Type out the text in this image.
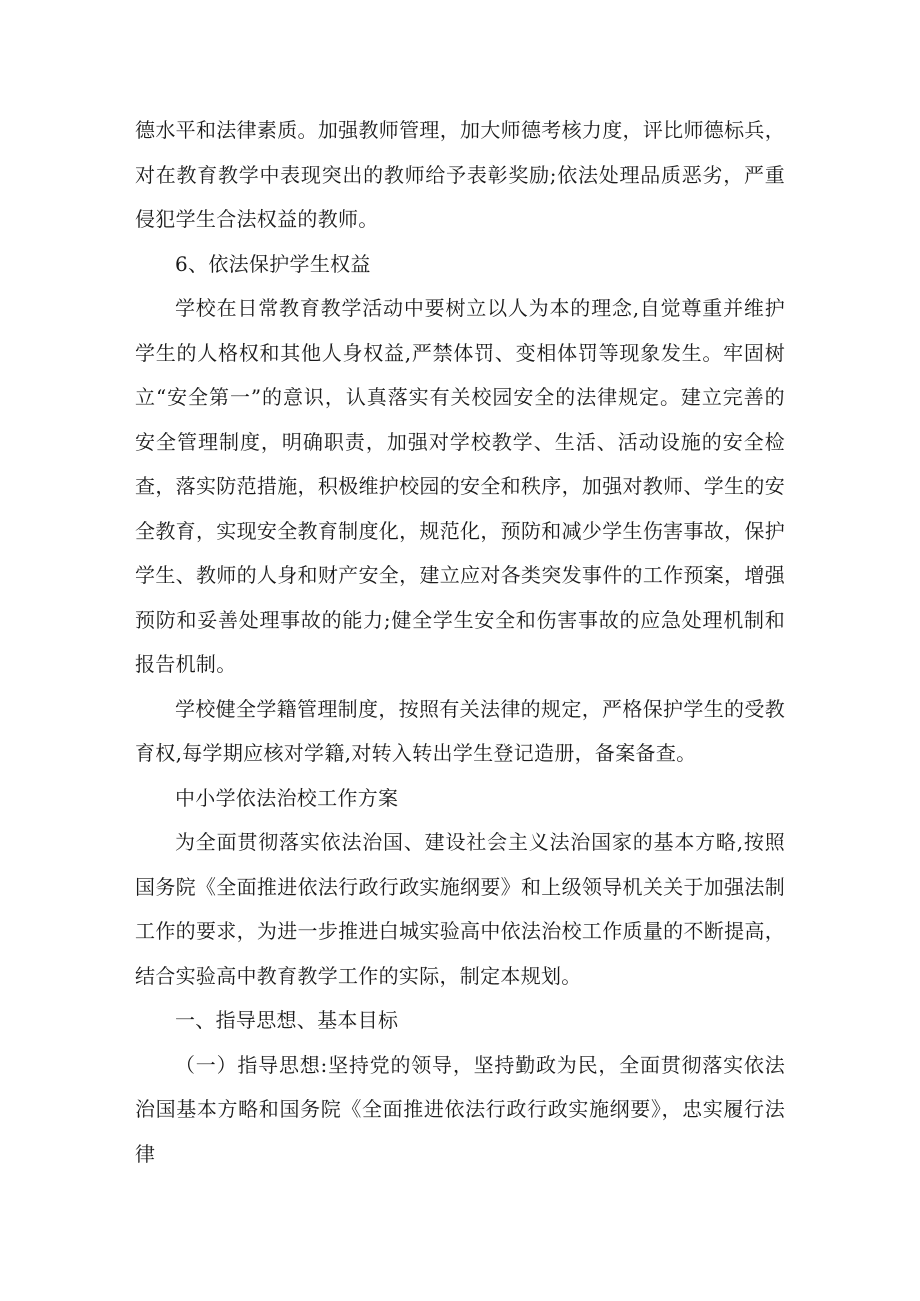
德水平和法律素质。加强教师管理，加大师德考核力度，评比师德标兵，对在教育教学中表现突出的教师给予表彰奖励;依法处理品质恶劣，严重侵犯学生合法权益的教师。

6、依法保护学生权益

学校在日常教育教学活动中要树立以人为本的理念,自觉尊重并维护学生的人格权和其他人身权益,严禁体罚、变相体罚等现象发生。牢固树立“安全第一”的意识，认真落实有关校园安全的法律规定。建立完善的安全管理制度，明确职责，加强对学校教学、生活、活动设施的安全检查，落实防范措施，积极维护校园的安全和秩序，加强对教师、学生的安全教育，实现安全教育制度化，规范化，预防和减少学生伤害事故，保护学生、教师的人身和财产安全，建立应对各类突发事件的工作预案，增强预防和妥善处理事故的能力;健全学生安全和伤害事故的应急处理机制和报告机制。

学校健全学籍管理制度，按照有关法律的规定，严格保护学生的受教育权,每学期应核对学籍,对转入转出学生登记造册，备案备查。

中小学依法治校工作方案

为全面贯彻落实依法治国、建设社会主义法治国家的基本方略,按照国务院《全面推进依法行政行政实施纲要》和上级领导机关关于加强法制工作的要求，为进一步推进白城实验高中依法治校工作质量的不断提高，结合实验高中教育教学工作的实际，制定本规划。

一、指导思想、基本目标

（一）指导思想:坚持党的领导，坚持勤政为民，全面贯彻落实依法治国基本方略和国务院《全面推进依法行政行政实施纲要》，忠实履行法律
